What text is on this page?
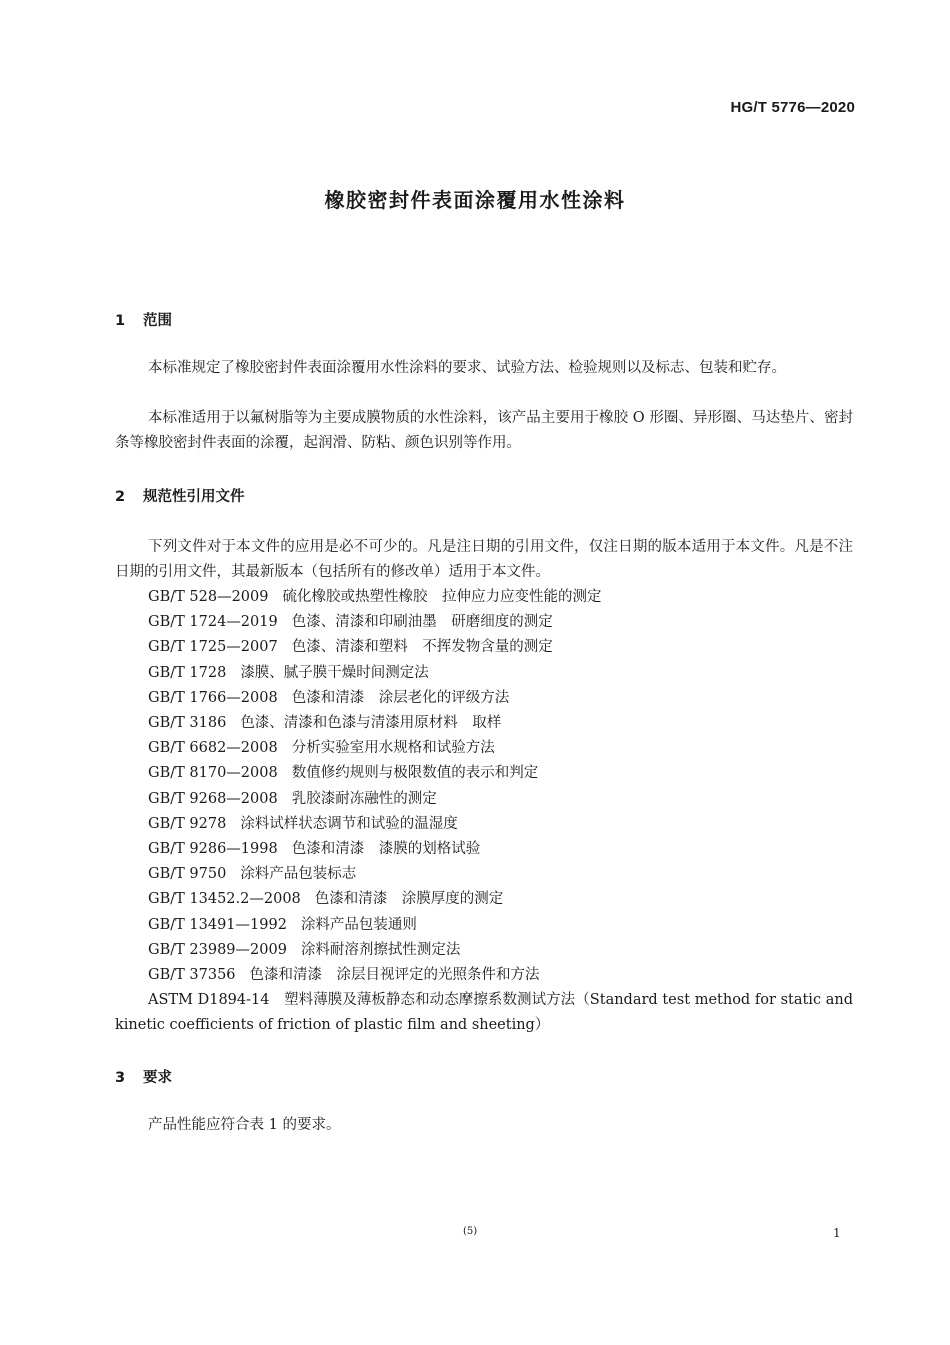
HG/T 5776—2020
橡胶密封件表面涂覆用水性涂料
1 范围

本标准规定了橡胶密封件表面涂覆用水性涂料的要求、试验方法、检验规则以及标志、包装和贮存。

本标准适用于以氟树脂等为主要成膜物质的水性涂料，该产品主要用于橡胶 O 形圈、异形圈、马达垫片、密封条等橡胶密封件表面的涂覆，起润滑、防粘、颜色识别等作用。

2 规范性引用文件

下列文件对于本文件的应用是必不可少的。凡是注日期的引用文件，仅注日期的版本适用于本文件。凡是不注日期的引用文件，其最新版本（包括所有的修改单）适用于本文件。

GB/T 528—2009 硫化橡胶或热塑性橡胶　拉伸应力应变性能的测定
GB/T 1724—2019 色漆、清漆和印刷油墨　研磨细度的测定
GB/T 1725—2007 色漆、清漆和塑料　不挥发物含量的测定
GB/T 1728 漆膜、腻子膜干燥时间测定法
GB/T 1766—2008 色漆和清漆　涂层老化的评级方法
GB/T 3186 色漆、清漆和色漆与清漆用原材料　取样
GB/T 6682—2008 分析实验室用水规格和试验方法
GB/T 8170—2008 数值修约规则与极限数值的表示和判定
GB/T 9268—2008 乳胶漆耐冻融性的测定
GB/T 9278 涂料试样状态调节和试验的温湿度
GB/T 9286—1998 色漆和清漆　漆膜的划格试验
GB/T 9750 涂料产品包装标志
GB/T 13452.2—2008 色漆和清漆　涂膜厚度的测定
GB/T 13491—1992 涂料产品包装通则
GB/T 23989—2009 涂料耐溶剂擦拭性测定法
GB/T 37356 色漆和清漆　涂层目视评定的光照条件和方法

ASTM D1894-14　塑料薄膜及薄板静态和动态摩擦系数测试方法（Standard test method for static and kinetic coefficients of friction of plastic film and sheeting）

3 要求

产品性能应符合表 1 的要求。

(5)	1
